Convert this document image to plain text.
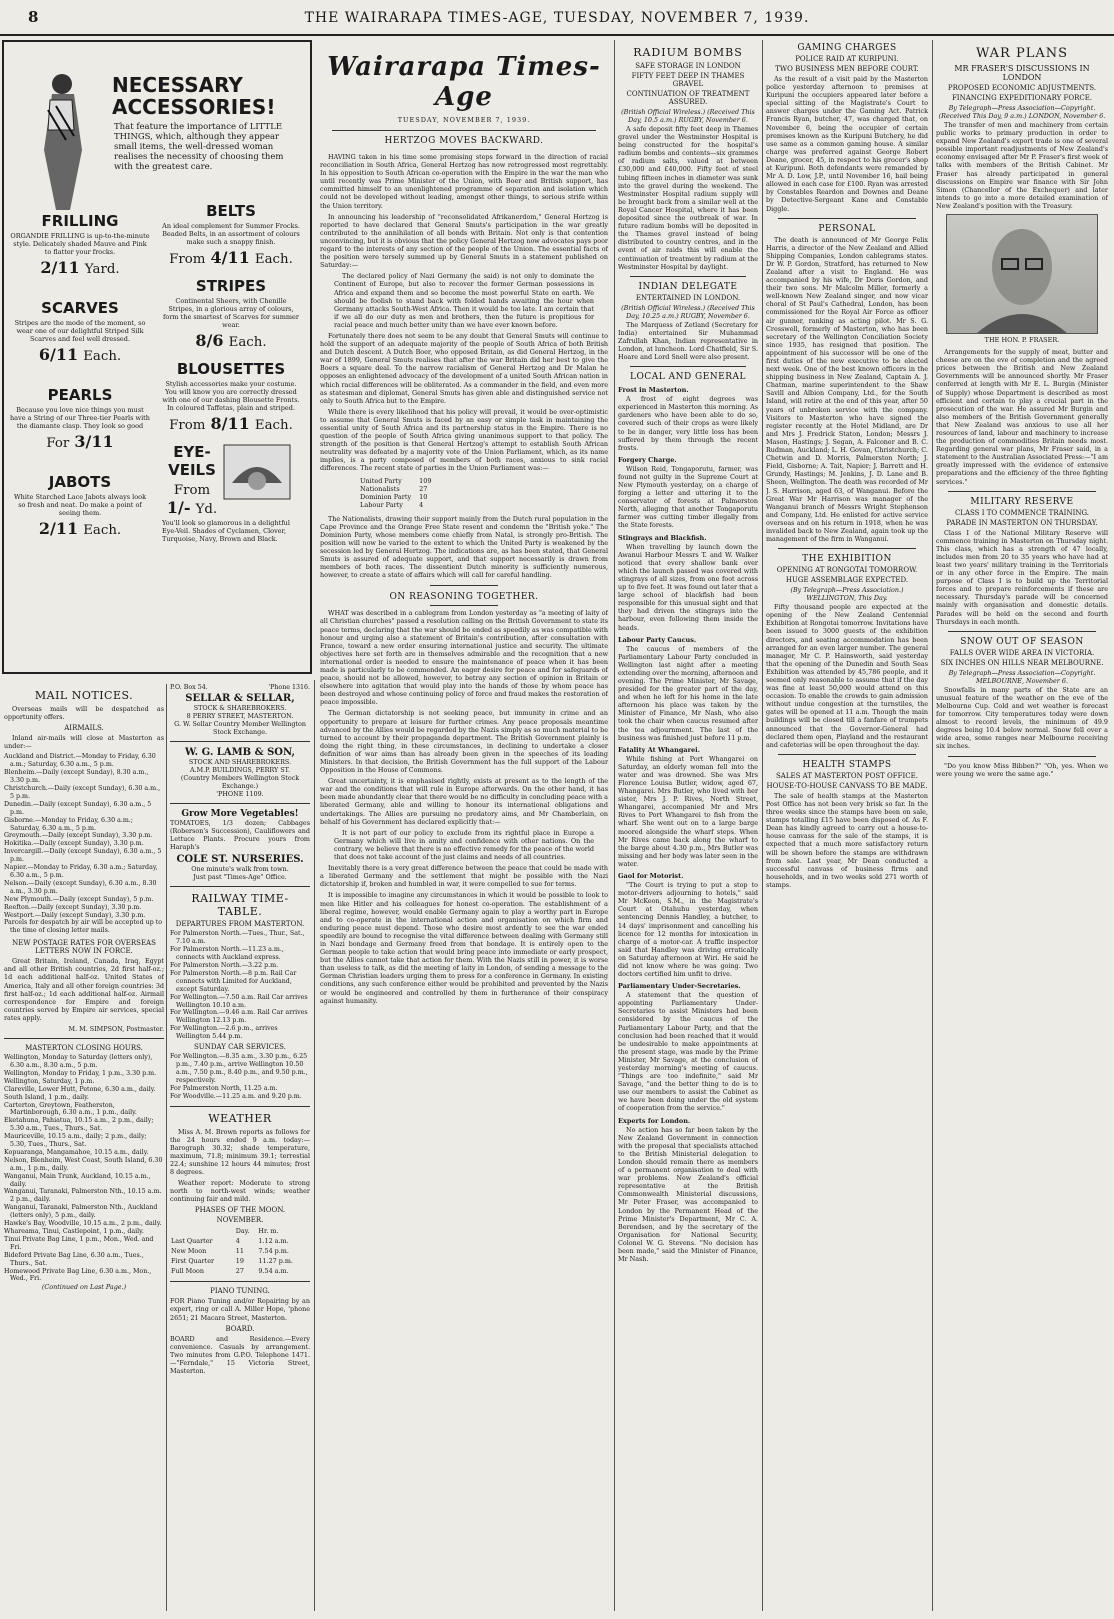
8	THE WAIRARAPA TIMES-AGE, TUESDAY, NOVEMBER 7, 1939.
NECESSARY ACCESSORIES!
That feature the importance of LITTLE THINGS, which, although they appear small items, the well-dressed woman realises the necessity of choosing them with the greatest care.

FRILLING

ORGANDIE FRILLING is up-to-the-minute style. Delicately shaded Mauve and Pink to flatter your frocks.

2/11 Yard.

SCARVES

Stripes are the mode of the moment, so wear one of our delightful Striped Silk Scarves and feel well dressed.

6/11 Each.

PEARLS

Because you love nice things you must have a String of our Three-tier Pearls with the diamante clasp. They look so good

For 3/11

JABOTS

White Starched Lace Jabots always look so fresh and neat. Do make a point of seeing them.

2/11 Each.

BELTS

An ideal complement for Summer Frocks. Beaded Belts, in an assortment of colours make such a snappy finish.

From 4/11 Each.

STRIPES

Continental Sheers, with Chenille Stripes, in a glorious array of colours, form the smartest of Scarves for summer wear.

8/6 Each.

BLOUSETTES

Stylish accessories make your costume. You will know you are correctly dressed with one of our dashing Blousette Fronts. In coloured Taffetas, plain and striped.

From 8/11 Each.

EYE-VEILS

From
1/- Yd.

You'll look so glamorous in a delightful Eye-Veil. Shades of Cyclamen, Clover, Turquoise, Navy, Brown and Black.

MAIL NOTICES.

Overseas mails will be despatched as opportunity offers.

AIRMAILS.

Inland air-mails will close at Masterton as under:—

Auckland and District.—Monday to Friday, 6.30 a.m.; Saturday, 6.30 a.m., 5 p.m.

Blenheim.—Daily (except Sunday), 8.30 a.m., 3.30 p.m.

Christchurch.—Daily (except Sunday), 6.30 a.m., 5 p.m.

Dunedin.—Daily (except Sunday), 6.30 a.m., 5 p.m.

Gisborne.—Monday to Friday, 6.30 a.m.; Saturday, 6.30 a.m., 5 p.m.

Greymouth.—Daily (except Sunday), 3.30 p.m.

Hokitika.—Daily (except Sunday), 3.30 p.m.

Invercargill.—Daily (except Sunday), 6.30 a.m., 5 p.m.

Napier.—Monday to Friday, 6.30 a.m.; Saturday, 6.30 a.m., 5 p.m.

Nelson.—Daily (except Sunday), 6.30 a.m., 8.30 a.m., 3.30 p.m.

New Plymouth.—Daily (except Sunday), 5 p.m.

Reefton.—Daily (except Sunday), 3.30 p.m.

Westport.—Daily (except Sunday), 3.30 p.m.

Parcels for despatch by air will be accepted up to the time of closing letter mails.

NEW POSTAGE RATES FOR OVERSEAS LETTERS NOW IN FORCE.

Great Britain, Ireland, Canada, Iraq, Egypt and all other British countries, 2d first half-oz.; 1d each additional half-oz. United States of America, Italy and all other foreign countries: 3d first half-oz.; 1d each additional half-oz. Airmail correspondence for Empire and foreign countries served by Empire air services, special rates apply.

M. M. SIMPSON, Postmaster.

MASTERTON CLOSING HOURS.

Wellington, Monday to Saturday (letters only), 6.30 a.m., 8.30 a.m., 5 p.m.

Wellington, Monday to Friday, 1 p.m., 3.30 p.m.

Wellington, Saturday, 1 p.m.

Clareville, Lower Hutt, Petone, 6.30 a.m., daily.

South Island, 1 p.m., daily.

Carterton, Greytown, Featherston, Martinborough, 6.30 a.m., 1 p.m., daily.

Eketahuna, Pahiatua, 10.15 a.m., 2 p.m., daily; 5.30 a.m., Tues., Thurs., Sat.

Mauriceville, 10.15 a.m., daily; 2 p.m., daily; 5.30, Tues., Thurs., Sat.

Kopuaranga, Mangamahoe, 10.15 a.m., daily.

Nelson, Blenheim, West Coast, South Island, 6.30 a.m., 1 p.m., daily.

Wanganui, Main Trunk, Auckland, 10.15 a.m., daily.

Wanganui, Taranaki, Palmerston Nth., 10.15 a.m. 2 p.m., daily.

Wanganui, Taranaki, Palmerston Nth., Auckland (letters only), 5 p.m., daily.

Hawke's Bay, Woodville, 10.15 a.m., 2 p.m., daily.

Whareama, Tinui, Castlepoint, 1 p.m., daily.

Tinui Private Bag Line, 1 p.m., Mon., Wed. and Fri.

Bideford Private Bag Line, 6.30 a.m., Tues., Thurs., Sat.

Homewood Private Bag Line, 6.30 a.m., Mon., Wed., Fri.

(Continued on Last Page.)

P.O. Box 54.	'Phone 1316.

SELLAR & SELLAR,

STOCK & SHAREBROKERS.

8 PERRY STREET, MASTERTON.

G. W. Sellar Country Member Wellington Stock Exchange.

W. G. LAMB & SON,

STOCK AND SHAREBROKERS.

A.M.P. BUILDINGS, PERRY ST.

(Country Members Wellington Stock Exchange.)

'PHONE 1109.

Grow More Vegetables!

TOMATOES, 1/3 dozen; Cabbages (Roberson's Succession), Cauliflowers and Lettuce Plants. Procure yours from Haraph's

COLE ST. NURSERIES.

One minute's walk from town.

Just past "Times-Age" Office.

RAILWAY TIME-TABLE.
DEPARTURES FROM MASTERTON.

For Palmerston North.—Tues., Thur., Sat., 7.10 a.m.

For Palmerston North.—11.23 a.m., connects with Auckland express.

For Palmerston North.—3.22 p.m.

For Palmerston North.—8 p.m. Rail Car connects with Limited for Auckland, except Saturday.

For Wellington.—7.50 a.m. Rail Car arrives Wellington 10.10 a.m.

For Wellington.—9.46 a.m. Rail Car arrives Wellington 12.13 p.m.

For Wellington.—2.6 p.m., arrives Wellington 5.44 p.m.

SUNDAY CAR SERVICES.

For Wellington.—8.35 a.m., 3.30 p.m., 6.25 p.m., 7.40 p.m., arrive Wellington 10.50 a.m., 7.50 p.m., 8.40 p.m., and 9.50 p.m., respectively.

For Palmerston North, 11.25 a.m.

For Woodville.—11.25 a.m. and 9.20 p.m.

WEATHER

Miss A. M. Brown reports as follows for the 24 hours ended 9 a.m. today:—Barograph 30.32; shade temperature, maximum, 71.8; minimum 39.1; terrestial 22.4; sunshine 12 hours 44 minutes; frost 8 degrees.

Weather report: Moderate to strong north to north-west winds; weather continuing fair and mild.

PHASES OF THE MOON.
NOVEMBER.
	Day.	Hr. m.
Last Quarter	4	1.12 a.m.
New Moon	11	7.54 p.m.
First Quarter	19	11.27 p.m.
Full Moon	27	9.54 a.m.
PIANO TUNING.

FOR Piano Tuning and/or Repairing by an expert, ring or call A. Miller Hope, 'phone 2651; 21 Macara Street, Masterton.

BOARD.

BOARD and Residence.—Every convenience. Casuals by arrangement. Two minutes from G.P.O. Telephone 1471.—"Ferndale," 15 Victoria Street, Masterton.

Wairarapa Times-Age
TUESDAY, NOVEMBER 7, 1939.
HERTZOG MOVES BACKWARD.

HAVING taken in his time some promising steps forward in the direction of racial reconciliation in South Africa, General Hertzog has now retrogressed most regrettably. In his opposition to South African co-operation with the Empire in the war the man who until recently was Prime Minister of the Union, with Boer and British support, has committed himself to an unenlightened programme of separation and isolation which could not be developed without leading, amongst other things, to serious strife within the Union territory.

In announcing his leadership of "reconsolidated Afrikanerdom," General Hertzog is reported to have declared that General Smuts's participation in the war greatly contributed to the annihilation of all bonds with Britain. Not only is that contention unconvincing, but it is obvious that the policy General Hertzog now advocates pays poor regard to the interests of any section of the people of the Union. The essential facts of the position were tersely summed up by General Smuts in a statement published on Saturday:—

The declared policy of Nazi Germany (he said) is not only to dominate the Continent of Europe, but also to recover the former German possessions in Africa and expand them and so become the most powerful State on earth. We should be foolish to stand back with folded hands awaiting the hour when Germany attacks South-West Africa. Then it would be too late. I am certain that if we all do our duty as men and brothers, then the future is propitious for racial peace and much better unity than we have ever known before.

Fortunately there does not seem to be any doubt that General Smuts will continue to hold the support of an adequate majority of the people of South Africa of both British and Dutch descent. A Dutch Boer, who opposed Britain, as did General Hertzog, in the war of 1899, General Smuts realises that after the war Britain did her best to give the Boers a square deal. To the narrow racialism of General Hertzog and Dr Malan he opposes an enlightened advocacy of the development of a united South African nation in which racial differences will be obliterated. As a commander in the field, and even more as statesman and diplomat, General Smuts has given able and distinguished service not only to South Africa but to the Empire.

While there is every likelihood that his policy will prevail, it would be over-optimistic to assume that General Smuts is faced by an easy or simple task in maintaining the essential unity of South Africa and its partnership status in the Empire. There is no question of the people of South Africa giving unanimous support to that policy. The strength of the position is that General Hertzog's attempt to establish South African neutrality was defeated by a majority vote of the Union Parliament, which, as its name implies, is a party composed of members of both races, anxious to sink racial differences. The recent state of parties in the Union Parliament was:—

United Party	109
Nationalists	27
Dominion Party	10
Labour Party	4

The Nationalists, drawing their support mainly from the Dutch rural population in the Cape Province and the Orange Free State resent and condemn the "British yoke." The Dominion Party, whose members come chiefly from Natal, is strongly pro-British. The position will now be varied to the extent to which the United Party is weakened by the secession led by General Hertzog. The indications are, as has been stated, that General Smuts is assured of adequate support, and that support necessarily is drawn from members of both races. The dissentient Dutch minority is sufficiently numerous, however, to create a state of affairs which will call for careful handling.

ON REASONING TOGETHER.

WHAT was described in a cablegram from London yesterday as "a meeting of laity of all Christian churches" passed a resolution calling on the British Government to state its peace terms, declaring that the war should be ended as speedily as was compatible with honour and urging also a statement of Britain's contribution, after consultation with France, toward a new order ensuring international justice and security. The ultimate objectives here set forth are in themselves admirable and the recognition that a new international order is needed to ensure the maintenance of peace when it has been made is particularly to be commended. An eager desire for peace and for safeguards of peace, should not be allowed, however, to betray any section of opinion in Britain or elsewhere into agitation that would play into the hands of those by whom peace has been destroyed and whose continuing policy of force and fraud makes the restoration of peace impossible.

The German dictatorship is not seeking peace, but immunity in crime and an opportunity to prepare at leisure for further crimes. Any peace proposals meantime advanced by the Allies would be regarded by the Nazis simply as so much material to be turned to account by their propaganda department. The British Government plainly is doing the right thing, in these circumstances, in declining to undertake a closer definition of war aims than has already been given in the speeches of its leading Ministers. In that decision, the British Government has the full support of the Labour Opposition in the House of Commons.

Great uncertainty, it is emphasised rightly, exists at present as to the length of the war and the conditions that will rule in Europe afterwards. On the other hand, it has been made abundantly clear that there would be no difficulty in concluding peace with a liberated Germany, able and willing to honour its international obligations and undertakings. The Allies are pursuing no predatory aims, and Mr Chamberlain, on behalf of his Government has declared explicitly that:—

It is not part of our policy to exclude from its rightful place in Europe a Germany which will live in amity and confidence with other nations. On the contrary, we believe that there is no effective remedy for the peace of the world that does not take account of the just claims and needs of all countries.

Inevitably there is a very great difference between the peace that could be made with a liberated Germany and the settlement that might be possible with the Nazi dictatorship if, broken and humbled in war, it were compelled to sue for terms.

It is impossible to imagine any circumstances in which it would be possible to look to men like Hitler and his colleagues for honest co-operation. The establishment of a liberal regime, however, would enable Germany again to play a worthy part in Europe and to co-operate in the international action and organisation on which firm and enduring peace must depend. Those who desire most ardently to see the war ended speedily are bound to recognise the vital difference between dealing with Germany still in Nazi bondage and Germany freed from that bondage. It is entirely open to the German people to take action that would bring peace into immediate or early prospect, but the Allies cannot take that action for them. With the Nazis still in power, it is worse than useless to talk, as did the meeting of laity in London, of sending a message to the German Christian leaders urging them to press for a conference in Germany. In existing conditions, any such conference either would be prohibited and prevented by the Nazis or would be engineered and controlled by them in furtherance of their conspiracy against humanity.

RADIUM BOMBS
SAFE STORAGE IN LONDON
FIFTY FEET DEEP IN THAMES GRAVEL
CONTINUATION OF TREATMENT ASSURED.

(British Official Wireless.) (Received This Day, 10.5 a.m.) RUGBY, November 6.

A safe deposit fifty feet deep in Thames gravel under the Westminster Hospital is being constructed for the hospital's radium bombs and contents—six grammes of radium salts, valued at between £30,000 and £40,000. Fifty feet of steel tubing fifteen inches in diameter was sunk into the gravel during the weekend. The Westminster Hospital radium supply will be brought back from a similar well at the Royal Cancer Hospital, where it has been deposited since the outbreak of war. In future radium bombs will be deposited in the Thames gravel instead of being distributed to country centres, and in the event of air raids this will enable the continuation of treatment by radium at the Westminster Hospital by daylight.

INDIAN DELEGATE
ENTERTAINED IN LONDON.

(British Official Wireless.) (Received This Day, 10.25 a.m.) RUGBY, November 6.

The Marquess of Zetland (Secretary for India) entertained Sir Muhammad Zafrullah Khan, Indian representative in London, at luncheon. Lord Chatfield, Sir S. Hoare and Lord Snell were also present.

LOCAL AND GENERAL
Frost in Masterton.

A frost of eight degrees was experienced in Masterton this morning. As gardeners who have been able to do so, covered such of their crops as were likely to be in danger, very little loss has been suffered by them through the recent frosts.

Forgery Charge.

Wilson Reid, Tongaporutu, farmer, was found not guilty in the Supreme Court at New Plymouth yesterday, on a charge of forging a letter and uttering it to the conservator of forests at Palmerston North, alleging that another Tongaporutu farmer was cutting timber illegally from the State forests.

Stingrays and Blackfish.

When travelling by launch down the Awanui Harbour Messrs T. and W. Walker noticed that every shallow bank over which the launch passed was covered with stingrays of all sizes, from one foot across up to five feet. It was found out later that a large school of blackfish had been responsible for this unusual sight and that they had driven the stingrays into the harbour, even following them inside the heads.

Labour Party Caucus.

The caucus of members of the Parliamentary Labour Party concluded in Wellington last night after a meeting extending over the morning, afternoon and evening. The Prime Minister, Mr Savage, presided for the greater part of the day, and when he left for his home in the late afternoon his place was taken by the Minister of Finance, Mr Nash, who also took the chair when caucus resumed after the tea adjournment. The last of the business was finished just before 11 p.m.

Fatality At Whangarei.

While fishing at Port Whangarei on Saturday, an elderly woman fell into the water and was drowned. She was Mrs Florence Louisa Butler, widow, aged 67, Whangarei. Mrs Butler, who lived with her sister, Mrs J. P. Rives, North Street, Whangarei, accompanied Mr and Mrs Rives to Port Whangarei to fish from the wharf. She went out on to a large barge moored alongside the wharf steps. When Mr Rives came back along the wharf to the barge about 4.30 p.m., Mrs Butler was missing and her body was later seen in the water.

Gaol for Motorist.

"The Court is trying to put a stop to motor-drivers adjourning to hotels," said Mr McKeon, S.M., in the Magistrate's Court at Otahuhu yesterday, when sentencing Dennis Handley, a butcher, to 14 days' imprisonment and cancelling his licence for 12 months for intoxication in charge of a motor-car. A traffic inspector said that Handley was driving erratically on Saturday afternoon at Wiri. He said he did not know where he was going. Two doctors certified him unfit to drive.

Parliamentary Under-Secretaries.

A statement that the question of appointing Parliamentary Under-Secretaries to assist Ministers had been considered by the caucus of the Parliamentary Labour Party, and that the conclusion had been reached that it would be undesirable to make appointments at the present stage, was made by the Prime Minister, Mr Savage, at the conclusion of yesterday morning's meeting of caucus. "Things are too indefinite," said Mr Savage, "and the better thing to do is to use our members to assist the Cabinet as we have been doing under the old system of cooperation from the service."

Experts for London.

No action has so far been taken by the New Zealand Government in connection with the proposal that specialists attached to the British Ministerial delegation to London should remain there as members of a permanent organisation to deal with war problems. New Zealand's official representative at the British Commonwealth Ministerial discussions, Mr Peter Fraser, was accompanied to London by the Permanent Head of the Prime Minister's Department, Mr C. A. Berendsen, and by the secretary of the Organisation for National Security, Colonel W. G. Stevens. "No decision has been made," said the Minister of Finance, Mr Nash.

GAMING CHARGES
POLICE RAID AT KURIPUNI.
TWO BUSINESS MEN BEFORE COURT.

As the result of a visit paid by the Masterton police yesterday afternoon to premises at Kuripuni the occupiers appeared later before a special sitting of the Magistrate's Court to answer charges under the Gaming Act. Patrick Francis Ryan, butcher, 47, was charged that, on November 6, being the occupier of certain premises known as the Kuripuni Butchery, he did use same as a common gaming house. A similar charge was preferred against George Robert Deane, grocer, 45, in respect to his grocer's shop at Kuripuni. Both defendants were remanded by Mr A. D. Low, J.P., until November 16, bail being allowed in each case for £100. Ryan was arrested by Constables Reardon and Downes and Deane by Detective-Sergeant Kane and Constable Diggle.

PERSONAL

The death is announced of Mr George Felix Harris, a director of the New Zealand and Allied Shipping Companies, London cablegrams states. Dr W. P. Gordon, Stratford, has returned to New Zealand after a visit to England. He was accompanied by his wife, Dr Doris Gordon, and their two sons. Mr Malcolm Miller, formerly a well-known New Zealand singer, and now vicar choral of St Paul's Cathedral, London, has been commissioned for the Royal Air Force as officer air gunner, ranking as acting pilot. Mr S. G. Cresswell, formerly of Masterton, who has been secretary of the Wellington Conciliation Society since 1935, has resigned that position. The appointment of his successor will be one of the first duties of the new executive to be elected next week. One of the best known officers in the shipping business in New Zealand, Captain A. J. Chatman, marine superintendent to the Shaw Savill and Albion Company, Ltd., for the South Island, will retire at the end of this year, after 50 years of unbroken service with the company. Visitors to Masterton who have signed the register recently at the Hotel Midland, are Dr and Mrs J. Fredrick Staton, London; Messrs J. Mason, Hastings; J. Segan, A. Falconer and B. C. Rudman, Auckland; L. H. Govan, Christchurch; C. Chetwin and D. Morris, Palmerston North; J. Field, Gisborne; A. Tait, Napier; J. Barrett and H. Grundy, Hastings; M. Jenkins, J. D. Lane and B. Sheen, Wellington. The death was recorded of Mr J. S. Harrison, aged 63, of Wanganui. Before the Great War Mr Harrison was manager of the Wanganui branch of Messrs Wright Stephenson and Company, Ltd. He enlisted for active service overseas and on his return in 1918, when he was invalided back to New Zealand, again took up the management of the firm in Wanganui.

THE EXHIBITION
OPENING AT RONGOTAI TOMORROW.
HUGE ASSEMBLAGE EXPECTED.

(By Telegraph—Press Association.) WELLINGTON, This Day.

Fifty thousand people are expected at the opening of the New Zealand Centennial Exhibition at Rongotai tomorrow. Invitations have been issued to 3000 guests of the exhibition directors, and seating accommodation has been arranged for an even larger number. The general manager, Mr C. P. Hainsworth, said yesterday that the opening of the Dunedin and South Seas Exhibition was attended by 45,786 people, and it seemed only reasonable to assume that if the day was fine at least 50,000 would attend on this occasion. To enable the crowds to gain admission without undue congestion at the turnstiles, the gates will be opened at 11 a.m. Though the main buildings will be closed till a fanfare of trumpets announced that the Governor-General had declared them open, Playland and the restaurant and cafeterias will be open throughout the day.

HEALTH STAMPS
SALES AT MASTERTON POST OFFICE.
HOUSE-TO-HOUSE CANVASS TO BE MADE.

The sale of health stamps at the Masterton Post Office has not been very brisk so far. In the three weeks since the stamps have been on sale, stamps totalling £15 have been disposed of. As F. Dean has kindly agreed to carry out a house-to-house canvass for the sale of the stamps, it is expected that a much more satisfactory return will be shown before the stamps are withdrawn from sale. Last year, Mr Dean conducted a successful canvass of business firms and households, and in two weeks sold 271 worth of stamps.

WAR PLANS
MR FRASER'S DISCUSSIONS IN LONDON
PROPOSED ECONOMIC ADJUSTMENTS.
FINANCING EXPEDITIONARY FORCE.

By Telegraph—Press Association—Copyright. (Received This Day, 9 a.m.) LONDON, November 6.

The transfer of men and machinery from certain public works to primary production in order to expand New Zealand's export trade is one of several possible important readjustments of New Zealand's economy envisaged after Mr P. Fraser's first week of talks with members of the British Cabinet. Mr Fraser has already participated in general discussions on Empire war finance with Sir John Simon (Chancellor of the Exchequer) and later intends to go into a more detailed examination of New Zealand's position with the Treasury.

THE HON. P. FRASER.

Arrangements for the supply of meat, butter and cheese are on the eve of completion and the agreed prices between the British and New Zealand Governments will be announced shortly. Mr Fraser conferred at length with Mr E. L. Burgin (Minister of Supply) whose Department is described as most efficient and certain to play a crucial part in the prosecution of the war. He assured Mr Burgin and also members of the British Government generally that New Zealand was anxious to use all her resources of land, labour and machinery to increase the production of commodities Britain needs most. Regarding general war plans, Mr Fraser said, in a statement to the Australian Associated Press:—"I am greatly impressed with the evidence of extensive preparations and the efficiency of the three fighting services."

MILITARY RESERVE
CLASS I TO COMMENCE TRAINING.
PARADE IN MASTERTON ON THURSDAY.

Class I of the National Military Reserve will commence training in Masterton on Thursday night. This class, which has a strength of 47 locally, includes men from 20 to 35 years who have had at least two years' military training in the Territorials or in any other force in the Empire. The main purpose of Class I is to build up the Territorial forces and to prepare reinforcements if these are necessary. Thursday's parade will be concerned mainly with organisation and domestic details. Parades will be held on the second and fourth Thursdays in each month.

SNOW OUT OF SEASON
FALLS OVER WIDE AREA IN VICTORIA.
SIX INCHES ON HILLS NEAR MELBOURNE.

By Telegraph—Press Association—Copyright. MELBOURNE, November 6.

Snowfalls in many parts of the State are an unusual feature of the weather on the eve of the Melbourne Cup. Cold and wet weather is forecast for tomorrow. City temperatures today were down almost to record levels, the minimum of 49.9 degrees being 10.4 below normal. Snow fell over a wide area, some ranges near Melbourne receiving six inches.

"Do you know Miss Bibben?" "Oh, yes. When we were young we were the same age."
